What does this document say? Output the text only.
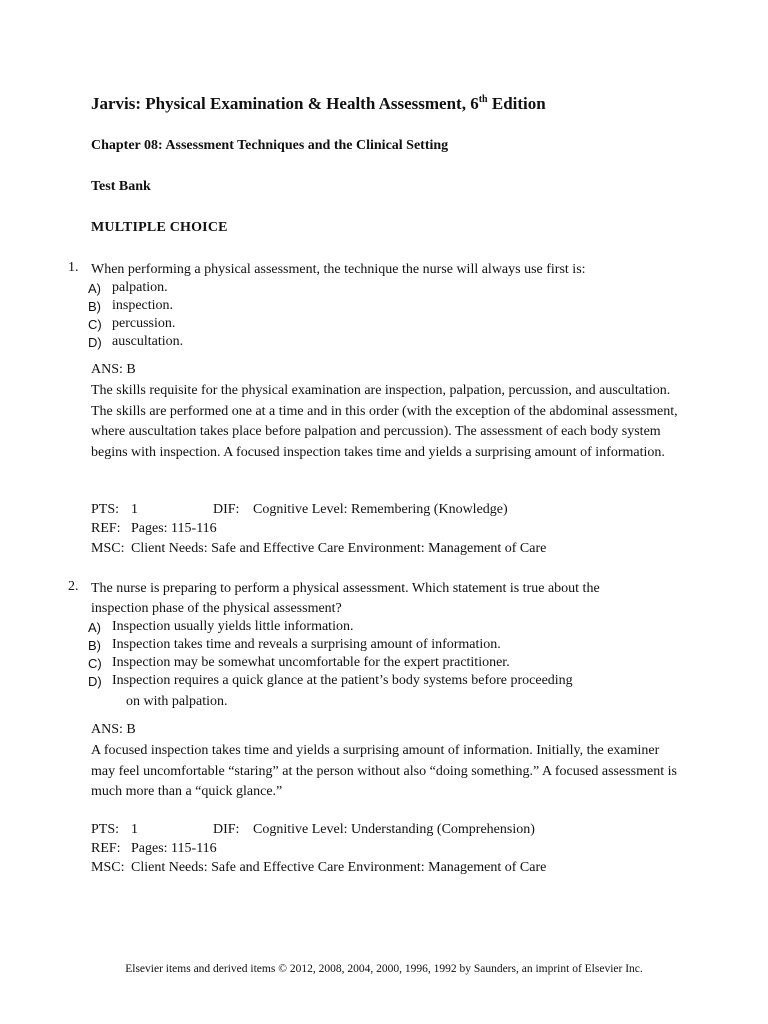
Jarvis: Physical Examination & Health Assessment, 6th Edition
Chapter 08: Assessment Techniques and the Clinical Setting
Test Bank
MULTIPLE CHOICE
1. When performing a physical assessment, the technique the nurse will always use first is:
A) palpation.
B) inspection.
C) percussion.
D) auscultation.
ANS: B
The skills requisite for the physical examination are inspection, palpation, percussion, and auscultation. The skills are performed one at a time and in this order (with the exception of the abdominal assessment, where auscultation takes place before palpation and percussion). The assessment of each body system begins with inspection. A focused inspection takes time and yields a surprising amount of information.
PTS: 1	DIF: Cognitive Level: Remembering (Knowledge)
REF: Pages: 115-116
MSC: Client Needs: Safe and Effective Care Environment: Management of Care
2. The nurse is preparing to perform a physical assessment. Which statement is true about the
inspection phase of the physical assessment?
A) Inspection usually yields little information.
B) Inspection takes time and reveals a surprising amount of information.
C) Inspection may be somewhat uncomfortable for the expert practitioner.
D) Inspection requires a quick glance at the patient’s body systems before proceeding
on with palpation.
ANS: B
A focused inspection takes time and yields a surprising amount of information. Initially, the examiner may feel uncomfortable “staring” at the person without also “doing something.” A focused assessment is much more than a “quick glance.”
PTS: 1	DIF: Cognitive Level: Understanding (Comprehension)
REF: Pages: 115-116
MSC: Client Needs: Safe and Effective Care Environment: Management of Care
Elsevier items and derived items © 2012, 2008, 2004, 2000, 1996, 1992 by Saunders, an imprint of Elsevier Inc.
